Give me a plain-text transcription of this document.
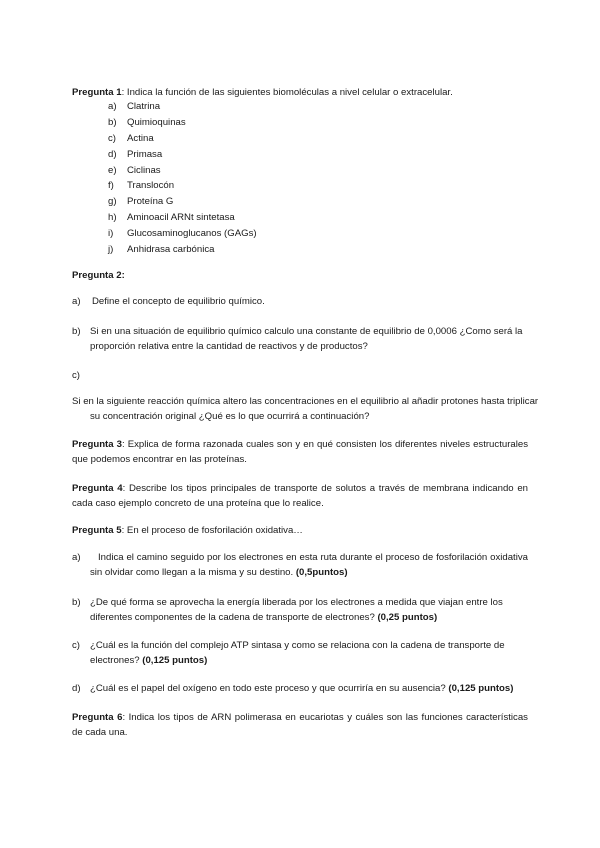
Pregunta 1: Indica la función de las siguientes biomoléculas a nivel celular o extracelular.

a)	Clatrina
b)	Quimioquinas
c)	Actina
d)	Primasa
e)	Ciclinas
f)	Translocón
g)	Proteína G
h)	Aminoacil ARNt sintetasa
i)	Glucosaminoglucanos (GAGs)
j)	Anhidrasa carbónica

Pregunta 2:

a)	Define el concepto de equilibrio químico.
b) Si en una situación de equilibrio químico calculo una constante de equilibrio de 0,0006 ¿Como será la proporción relativa entre la cantidad de reactivos y de productos?
c)

Si en la siguiente reacción química altero las concentraciones en el equilibrio al añadir protones hasta triplicar su concentración original ¿Qué es lo que ocurrirá a continuación?

Pregunta 3: Explica de forma razonada cuales son y en qué consisten los diferentes niveles estructurales que podemos encontrar en las proteínas.

Pregunta 4: Describe los tipos principales de transporte de solutos a través de membrana indicando en cada caso ejemplo concreto de una proteína que lo realice.

Pregunta 5: En el proceso de fosforilación oxidativa…

a)	Indica el camino seguido por los electrones en esta ruta durante el proceso de fosforilación oxidativa sin olvidar como llegan a la misma y su destino. (0,5puntos)
b) ¿De qué forma se aprovecha la energía liberada por los electrones a medida que viajan entre los diferentes componentes de la cadena de transporte de electrones? (0,25 puntos)
c)	¿Cuál es la función del complejo ATP sintasa y como se relaciona con la cadena de transporte de electrones? (0,125 puntos)
d) ¿Cuál es el papel del oxígeno en todo este proceso y que ocurriría en su ausencia? (0,125 puntos)

Pregunta 6: Indica los tipos de ARN polimerasa en eucariotas y cuáles son las funciones características de cada una.
